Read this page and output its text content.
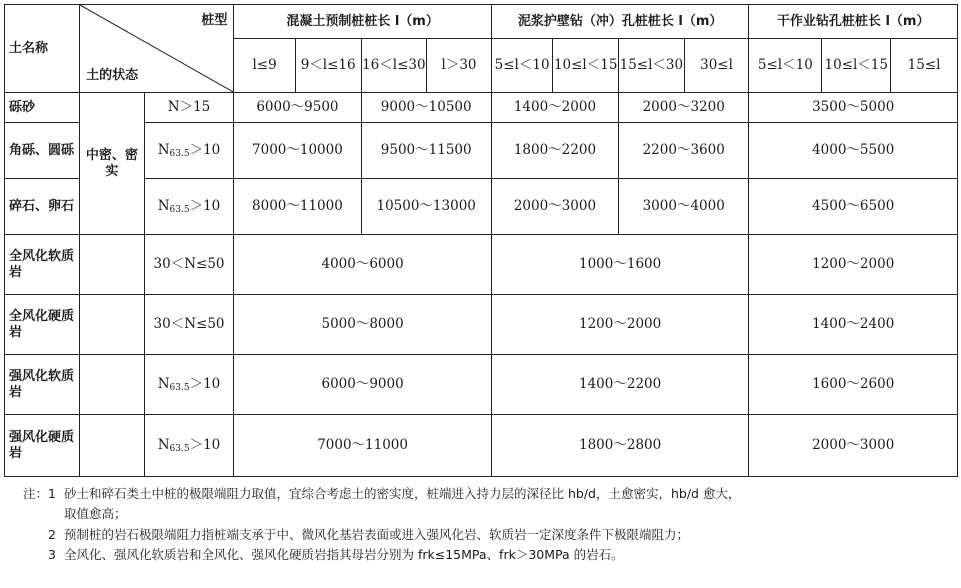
土名称	桩型
土的状态		混凝土预制桩桩长 l（m）				泥浆护壁钻（冲）孔桩桩长 l（m）				干作业钻孔桩桩长 l（m）		
			l≤9	9＜l≤16	16＜l≤30	l＞30	5≤l＜10	10≤l＜15	15≤l＜30	30≤l	5≤l＜10	10≤l＜15	15≤l
砾砂	中密、密实	N＞15	6000～9500		9000～10500		1400～2000		2000～3200		3500～5000		
角砾、圆砾		$N_{63.5}>10$	7000～10000		9500～11500		1800～2200		2200～3600		4000～5500		
碎石、卵石		$N_{63.5}>10$	8000～11000		10500～13000		2000～3000		3000～4000		4500～6500		
全风化软质岩		30＜N≤50	4000～6000				1000～1600				1200～2000		
全风化硬质岩		30＜N≤50	5000～8000				1200～2000				1400～2400		
强风化软质岩		$N_{63.5}>10$	6000～9000				1400～2200				1600～2600		
强风化硬质岩		$N_{63.5}>10$	7000～11000				1800～2800				2000～3000		
注：1 砂土和碎石类土中桩的极限端阻力取值，宜综合考虑土的密实度，桩端进入持力层的深径比 hb/d，土愈密实，hb/d 愈大，
取值愈高；
2 预制桩的岩石极限端阻力指桩端支承于中、微风化基岩表面或进入强风化岩、软质岩一定深度条件下极限端阻力；
3 全风化、强风化软质岩和全风化、强风化硬质岩指其母岩分别为 frk≤15MPa、frk＞30MPa 的岩石。
